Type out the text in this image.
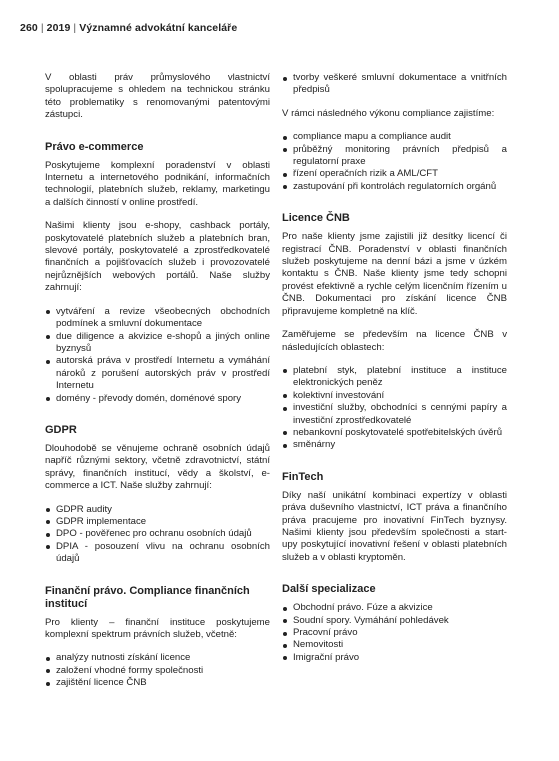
260 | 2019 | Významné advokátní kanceláře

V oblasti práv průmyslového vlastnictví spolupracujeme s ohledem na technickou stránku této problematiky s renomovanými patentovými zástupci.

Právo e-commerce

Poskytujeme komplexní poradenství v oblasti Internetu a internetového podnikání, informačních technologií, platebních služeb, reklamy, marketingu a dalších činností v online prostředí.

Našimi klienty jsou e-shopy, cashback portály, poskytovatelé platebních služeb a platebních bran, slevové portály, poskytovatelé a zprostředkovatelé finančních a pojišťovacích služeb i provozovatelé nejrůznějších webových portálů. Naše služby zahrnují:

vytváření a revize všeobecných obchodních podmínek a smluvní dokumentace
due diligence a akvizice e-shopů a jiných online byznysů
autorská práva v prostředí Internetu a vymáhání nároků z porušení autorských práv v prostředí Internetu
domény - převody domén, doménové spory
GDPR

Dlouhodobě se věnujeme ochraně osobních údajů napříč různými sektory, včetně zdravotnictví, státní správy, finančních institucí, vědy a školství, e-commerce a ICT. Naše služby zahrnují:

GDPR audity
GDPR implementace
DPO - pověřenec pro ochranu osobních údajů
DPIA - posouzení vlivu na ochranu osobních údajů
Finanční právo. Compliance finančních institucí

Pro klienty – finanční instituce poskytujeme komplexní spektrum právních služeb, včetně:

analýzy nutnosti získání licence
založení vhodné formy společnosti
zajištění licence ČNB
tvorby veškeré smluvní dokumentace a vnitřních předpisů

V rámci následného výkonu compliance zajistíme:

compliance mapu a compliance audit
průběžný monitoring právních předpisů a regulatorní praxe
řízení operačních rizik a AML/CFT
zastupování při kontrolách regulatorních orgánů
Licence ČNB

Pro naše klienty jsme zajistili již desítky licencí či registrací ČNB. Poradenství v oblasti finančních služeb poskytujeme na denní bázi a jsme v úzkém kontaktu s ČNB. Naše klienty jsme tedy schopni provést efektivně a rychle celým licenčním řízením u ČNB. Dokumentaci pro získání licence ČNB připravujeme kompletně na klíč.

Zaměřujeme se především na licence ČNB v následujících oblastech:

platební styk, platební instituce a instituce elektronických peněz
kolektivní investování
investiční služby, obchodníci s cennými papíry a investiční zprostředkovatelé
nebankovní poskytovatelé spotřebitelských úvěrů
směnárny
FinTech

Díky naší unikátní kombinaci expertízy v oblasti práva duševního vlastnictví, ICT práva a finančního práva pracujeme pro inovativní FinTech byznysy. Našimi klienty jsou především společnosti a start-upy poskytující inovativní řešení v oblasti platebních služeb a v oblasti kryptoměn.

Další specializace
Obchodní právo. Fúze a akvizice
Soudní spory. Vymáhání pohledávek
Pracovní právo
Nemovitosti
Imigrační právo
